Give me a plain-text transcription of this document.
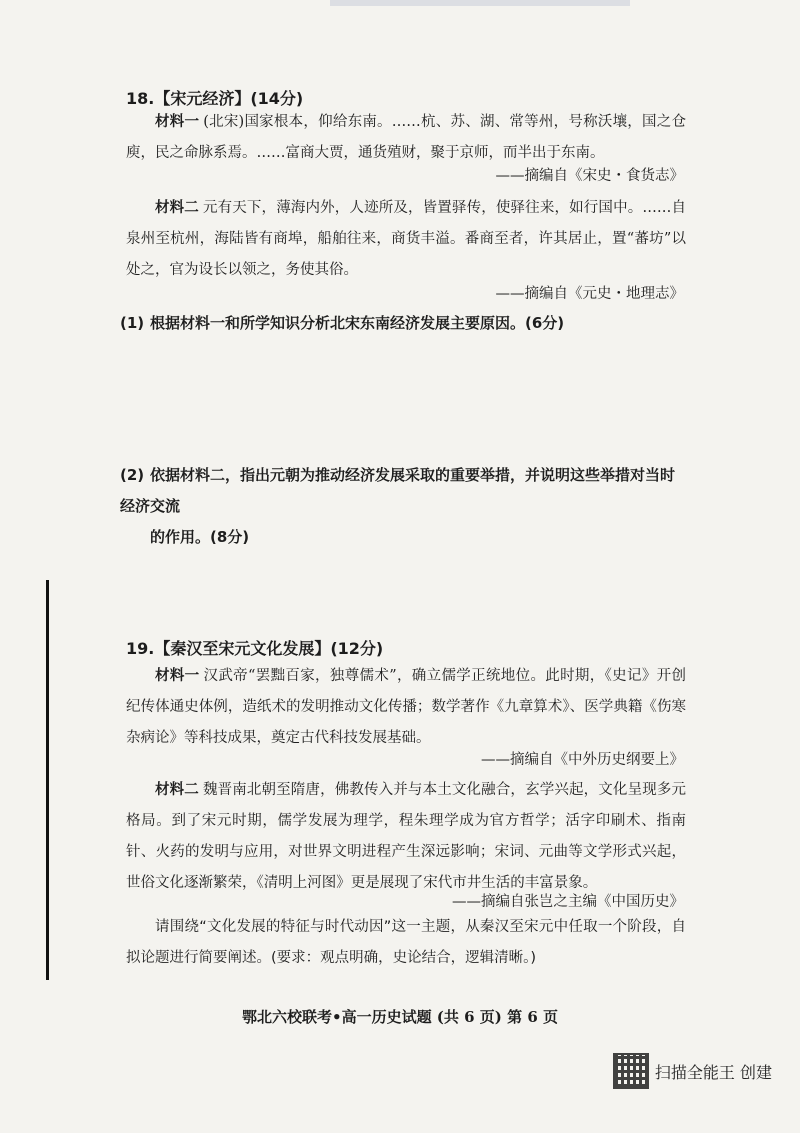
18.【宋元经济】(14分)
材料一 (北宋)国家根本，仰给东南。……杭、苏、湖、常等州，号称沃壤，国之仓庾，民之命脉系焉。……富商大贾，通货殖财，聚于京师，而半出于东南。
——摘编自《宋史・食货志》
材料二 元有天下，薄海内外，人迹所及，皆置驿传，使驿往来，如行国中。……自泉州至杭州，海陆皆有商埠，船舶往来，商货丰溢。番商至者，许其居止，置“蕃坊”以处之，官为设长以领之，务使其俗。
——摘编自《元史・地理志》
(1) 根据材料一和所学知识分析北宋东南经济发展主要原因。(6分)
(2) 依据材料二，指出元朝为推动经济发展采取的重要举措，并说明这些举措对当时经济交流
的作用。(8分)
19.【秦汉至宋元文化发展】(12分)
材料一 汉武帝“罢黜百家，独尊儒术”，确立儒学正统地位。此时期，《史记》开创纪传体通史体例，造纸术的发明推动文化传播；数学著作《九章算术》、医学典籍《伤寒杂病论》等科技成果，奠定古代科技发展基础。
——摘编自《中外历史纲要上》
材料二 魏晋南北朝至隋唐，佛教传入并与本土文化融合，玄学兴起，文化呈现多元格局。到了宋元时期，儒学发展为理学，程朱理学成为官方哲学；活字印刷术、指南针、火药的发明与应用，对世界文明进程产生深远影响；宋词、元曲等文学形式兴起，世俗文化逐渐繁荣，《清明上河图》更是展现了宋代市井生活的丰富景象。
——摘编自张岂之主编《中国历史》
请围绕“文化发展的特征与时代动因”这一主题，从秦汉至宋元中任取一个阶段，自拟论题进行简要阐述。(要求：观点明确，史论结合，逻辑清晰。)
鄂北六校联考•高一历史试题 (共 6 页) 第 6 页
扫描全能王 创建
